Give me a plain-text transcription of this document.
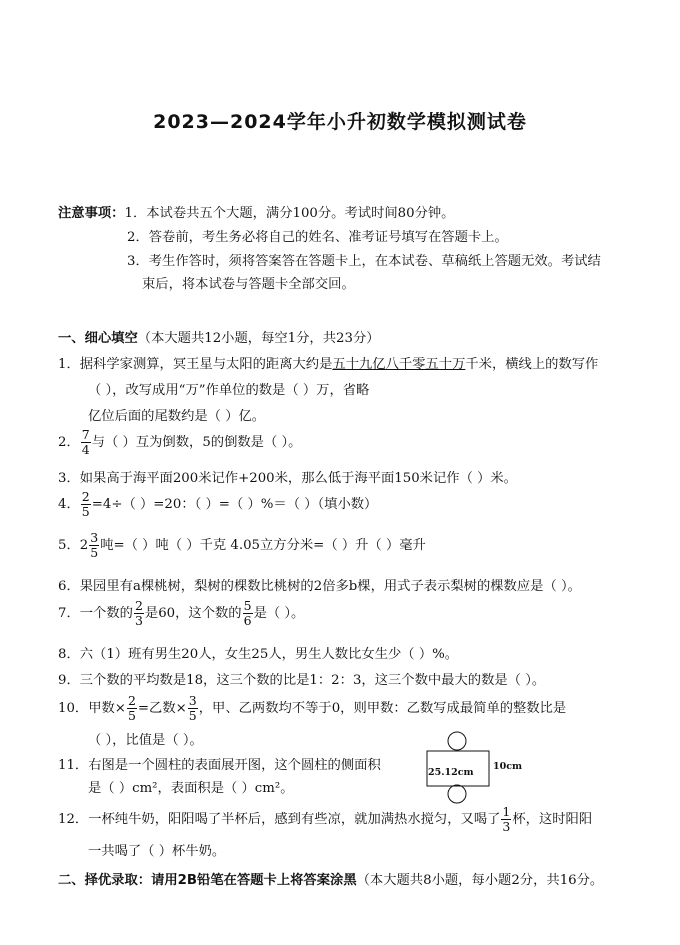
2023—2024学年小升初数学模拟测试卷
注意事项：1．本试卷共五个大题，满分100分。考试时间80分钟。
2．答卷前，考生务必将自己的姓名、准考证号填写在答题卡上。
3．考生作答时，须将答案答在答题卡上，在本试卷、草稿纸上答题无效。考试结
束后，将本试卷与答题卡全部交回。
一、细心填空（本大题共12小题，每空1分，共23分）
1．据科学家测算，冥王星与太阳的距离大约是五十九亿八千零五十万千米，横线上的数写作
（ ），改写成用“万”作单位的数是（ ）万，省略
亿位后面的尾数约是（ ）亿。
2． $\frac{7}{4}$ 与（ ）互为倒数，5的倒数是（ ）。
3．如果高于海平面200米记作+200米，那么低于海平面150米记作（ ）米。
4． $\frac{2}{5} =4\div$（ ）=20：（ ）=（ ）%＝（ ）（填小数）
5．$2 \frac{3}{5}$ 吨=（ ）吨（ ）千克 4.05立方分米=（ ）升（ ）毫升
6．果园里有a棵桃树，梨树的棵数比桃树的2倍多b棵，用式子表示梨树的棵数应是（ ）。
7．一个数的 $\frac{2}{3}$ 是60，这个数的 $\frac{5}{6}$ 是（ ）。
8．六（1）班有男生20人，女生25人，男生人数比女生少（ ）%。
9．三个数的平均数是18，这三个数的比是1：2：3，这三个数中最大的数是（ ）。
10．甲数× $\frac{2}{5}$ =乙数× $\frac{3}{5}$ ，甲、乙两数均不等于0，则甲数：乙数写成最简单的整数比是
（ ），比值是（ ）。
11．右图是一个圆柱的表面展开图，这个圆柱的侧面积
是（ ）cm²，表面积是（ ）cm²。
25.12cm
10cm
12．一杯纯牛奶，阳阳喝了半杯后，感到有些凉，就加满热水搅匀，又喝了 $\frac{1}{3}$ 杯，这时阳阳
一共喝了（ ）杯牛奶。
二、择优录取：请用2B铅笔在答题卡上将答案涂黑（本大题共8小题，每小题2分，共16分。
